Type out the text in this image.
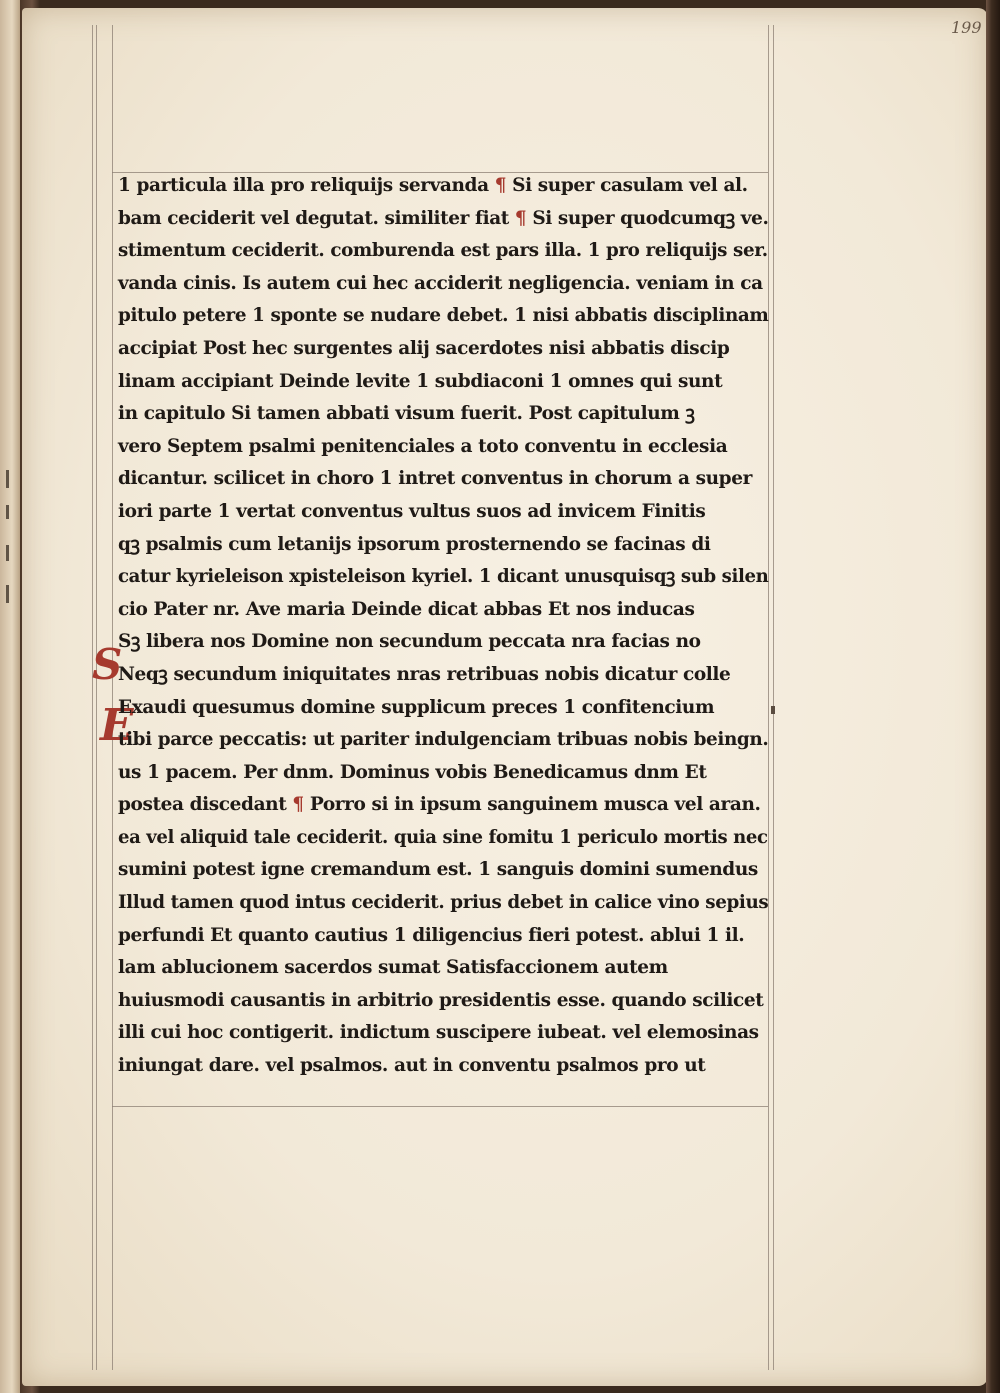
199
S
E
1 particula illa pro reliquijs servanda ¶ Si super casulam vel al.
bam ceciderit vel degutat. similiter fiat ¶ Si super quodcumqꝫ ve.
stimentum ceciderit. comburenda est pars illa. 1 pro reliquijs ser.
vanda cinis. Is autem cui hec acciderit negligencia. veniam in ca
pitulo petere 1 sponte se nudare debet. 1 nisi abbatis disciplinam
accipiat Post hec surgentes alij sacerdotes nisi abbatis discip
linam accipiant Deinde levite 1 subdiaconi 1 omnes qui sunt
in capitulo Si tamen abbati visum fuerit. Post capitulum ꝫ
vero Septem psalmi penitenciales a toto conventu in ecclesia
dicantur. scilicet in choro 1 intret conventus in chorum a super
iori parte 1 vertat conventus vultus suos ad invicem Finitis
qꝫ psalmis cum letanijs ipsorum prosternendo se facinas di
catur kyrieleison xpisteleison kyriel. 1 dicant unusquisqꝫ sub silen
cio Pater nr. Ave maria Deinde dicat abbas Et nos inducas
Sꝫ libera nos Domine non secundum peccata nra facias no
Neqꝫ secundum iniquitates nras retribuas nobis dicatur colle
Exaudi quesumus domine supplicum preces 1 confitencium
tibi parce peccatis: ut pariter indulgenciam tribuas nobis beingn.
us 1 pacem. Per dnm. Dominus vobis Benedicamus dnm Et
postea discedant ¶ Porro si in ipsum sanguinem musca vel aran.
ea vel aliquid tale ceciderit. quia sine fomitu 1 periculo mortis nec
sumini potest igne cremandum est. 1 sanguis domini sumendus
Illud tamen quod intus ceciderit. prius debet in calice vino sepius
perfundi Et quanto cautius 1 diligencius fieri potest. ablui 1 il.
lam ablucionem sacerdos sumat Satisfaccionem autem
huiusmodi causantis in arbitrio presidentis esse. quando scilicet
illi cui hoc contigerit. indictum suscipere iubeat. vel elemosinas
iniungat dare. vel psalmos. aut in conventu psalmos pro ut
